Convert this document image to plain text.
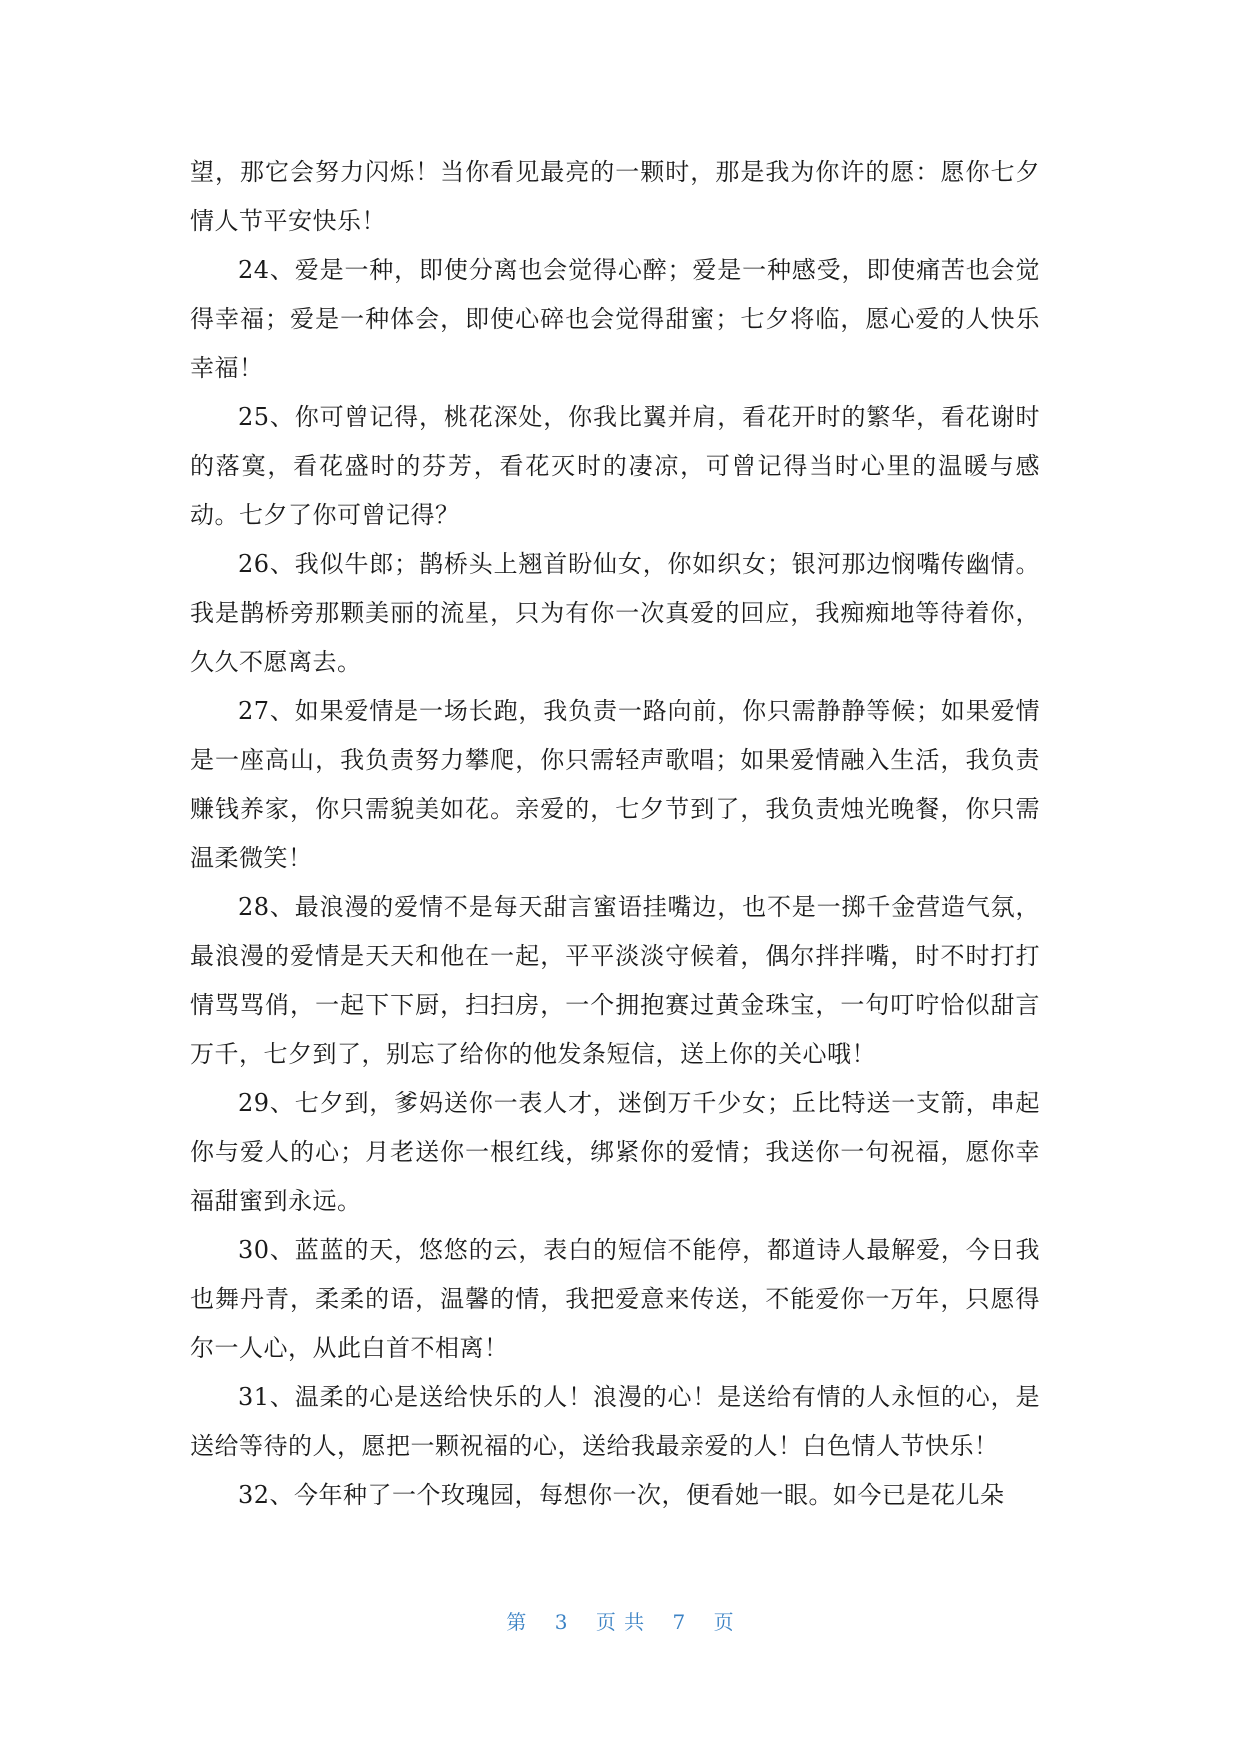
望，那它会努力闪烁！当你看见最亮的一颗时，那是我为你许的愿：愿你七夕情人节平安快乐！

24、爱是一种，即使分离也会觉得心醉；爱是一种感受，即使痛苦也会觉得幸福；爱是一种体会，即使心碎也会觉得甜蜜；七夕将临，愿心爱的人快乐幸福！

25、你可曾记得，桃花深处，你我比翼并肩，看花开时的繁华，看花谢时的落寞，看花盛时的芬芳，看花灭时的凄凉，可曾记得当时心里的温暖与感动。七夕了你可曾记得？

26、我似牛郎；鹊桥头上翘首盼仙女，你如织女；银河那边悯嘴传幽情。我是鹊桥旁那颗美丽的流星，只为有你一次真爱的回应，我痴痴地等待着你，久久不愿离去。

27、如果爱情是一场长跑，我负责一路向前，你只需静静等候；如果爱情是一座高山，我负责努力攀爬，你只需轻声歌唱；如果爱情融入生活，我负责赚钱养家，你只需貌美如花。亲爱的，七夕节到了，我负责烛光晚餐，你只需温柔微笑！

28、最浪漫的爱情不是每天甜言蜜语挂嘴边，也不是一掷千金营造气氛，最浪漫的爱情是天天和他在一起，平平淡淡守候着，偶尔拌拌嘴，时不时打打情骂骂俏，一起下下厨，扫扫房，一个拥抱赛过黄金珠宝，一句叮咛恰似甜言万千，七夕到了，别忘了给你的他发条短信，送上你的关心哦！

29、七夕到，爹妈送你一表人才，迷倒万千少女；丘比特送一支箭，串起你与爱人的心；月老送你一根红线，绑紧你的爱情；我送你一句祝福，愿你幸福甜蜜到永远。

30、蓝蓝的天，悠悠的云，表白的短信不能停，都道诗人最解爱，今日我也舞丹青，柔柔的语，温馨的情，我把爱意来传送，不能爱你一万年，只愿得尔一人心，从此白首不相离！

31、温柔的心是送给快乐的人！浪漫的心！是送给有情的人永恒的心，是送给等待的人，愿把一颗祝福的心，送给我最亲爱的人！白色情人节快乐！

32、今年种了一个玫瑰园，每想你一次，便看她一眼。如今已是花儿朵

第 3 页 共 7 页
